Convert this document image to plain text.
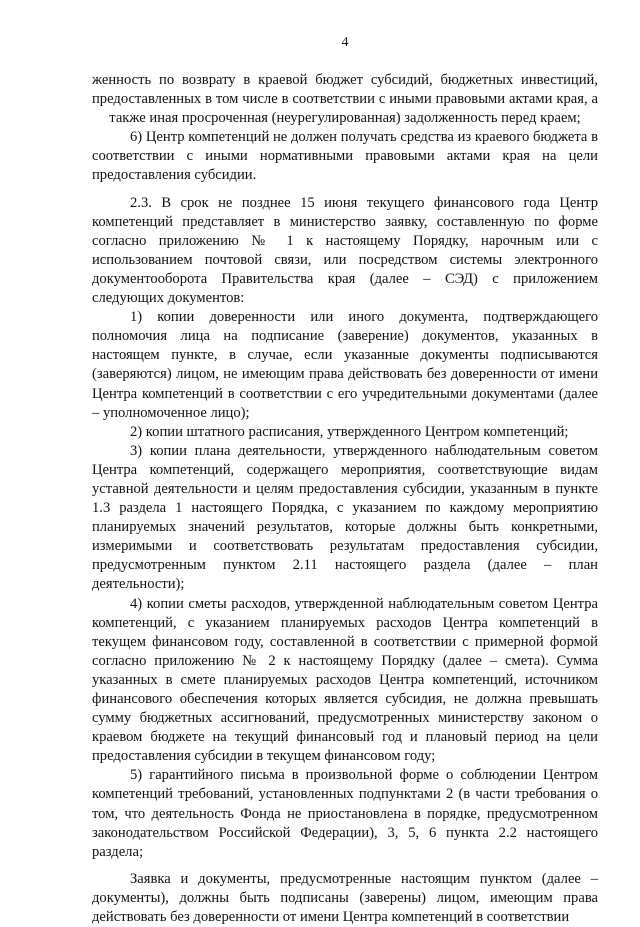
4

женность по возврату в краевой бюджет субсидий, бюджетных инвестиций, предоставленных в том числе в соответствии с иными правовыми актами края, а также иная просроченная (неурегулированная) задолженность перед краем;

6) Центр компетенций не должен получать средства из краевого бюджета в соответствии с иными нормативными правовыми актами края на цели предоставления субсидии.

2.3. В срок не позднее 15 июня текущего финансового года Центр компетенций представляет в министерство заявку, составленную по форме согласно приложению № 1 к настоящему Порядку, нарочным или с использованием почтовой связи, или посредством системы электронного документооборота Правительства края (далее – СЭД) с приложением следующих документов:

1) копии доверенности или иного документа, подтверждающего полномочия лица на подписание (заверение) документов, указанных в настоящем пункте, в случае, если указанные документы подписываются (заверяются) лицом, не имеющим права действовать без доверенности от имени Центра компетенций в соответствии с его учредительными документами (далее – уполномоченное лицо);

2) копии штатного расписания, утвержденного Центром компетенций;

3) копии плана деятельности, утвержденного наблюдательным советом Центра компетенций, содержащего мероприятия, соответствующие видам уставной деятельности и целям предоставления субсидии, указанным в пункте 1.3 раздела 1 настоящего Порядка, с указанием по каждому мероприятию планируемых значений результатов, которые должны быть конкретными, измеримыми и соответствовать результатам предоставления субсидии, предусмотренным пунктом 2.11 настоящего раздела (далее – план деятельности);

4) копии сметы расходов, утвержденной наблюдательным советом Центра компетенций, с указанием планируемых расходов Центра компетенций в текущем финансовом году, составленной в соответствии с примерной формой согласно приложению № 2 к настоящему Порядку (далее – смета). Сумма указанных в смете планируемых расходов Центра компетенций, источником финансового обеспечения которых является субсидия, не должна превышать сумму бюджетных ассигнований, предусмотренных министерству законом о краевом бюджете на текущий финансовый год и плановый период на цели предоставления субсидии в текущем финансовом году;

5) гарантийного письма в произвольной форме о соблюдении Центром компетенций требований, установленных подпунктами 2 (в части требования о том, что деятельность Фонда не приостановлена в порядке, предусмотренном законодательством Российской Федерации), 3, 5, 6 пункта 2.2 настоящего раздела;

Заявка и документы, предусмотренные настоящим пунктом (далее – документы), должны быть подписаны (заверены) лицом, имеющим права действовать без доверенности от имени Центра компетенций в соответствии
